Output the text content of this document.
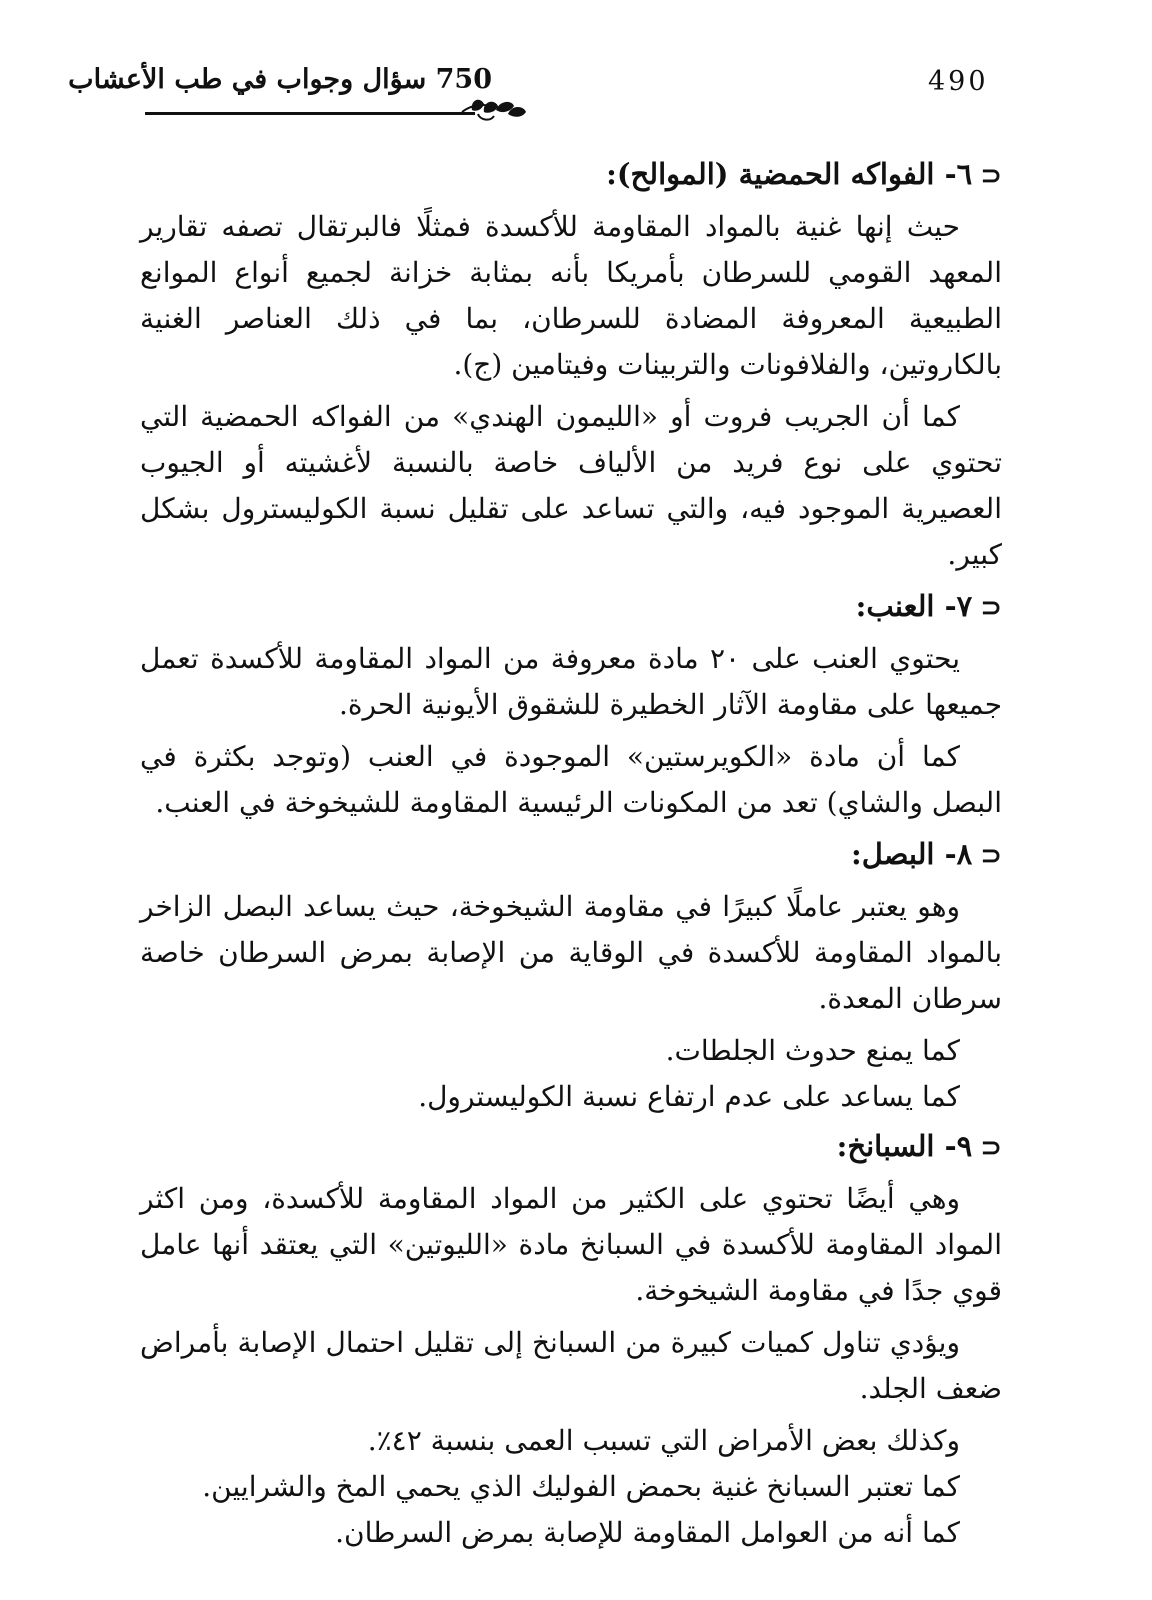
490
750 سؤال وجواب في طب الأعشاب
⊂٦- الفواكه الحمضية (الموالح):

حيث إنها غنية بالمواد المقاومة للأكسدة فمثلًا فالبرتقال تصفه تقارير المعهد القومي للسرطان بأمريكا بأنه بمثابة خزانة لجميع أنواع الموانع الطبيعية المعروفة المضادة للسرطان، بما في ذلك العناصر الغنية بالكاروتين، والفلافونات والتربينات وفيتامين (ج).

كما أن الجريب فروت أو «الليمون الهندي» من الفواكه الحمضية التي تحتوي على نوع فريد من الألياف خاصة بالنسبة لأغشيته أو الجيوب العصيرية الموجود فيه، والتي تساعد على تقليل نسبة الكوليسترول بشكل كبير.

⊂٧- العنب:

يحتوي العنب على ٢٠ مادة معروفة من المواد المقاومة للأكسدة تعمل جميعها على مقاومة الآثار الخطيرة للشقوق الأيونية الحرة.

كما أن مادة «الكويرستين» الموجودة في العنب (وتوجد بكثرة في البصل والشاي) تعد من المكونات الرئيسية المقاومة للشيخوخة في العنب.

⊂٨- البصل:

وهو يعتبر عاملًا كبيرًا في مقاومة الشيخوخة، حيث يساعد البصل الزاخر بالمواد المقاومة للأكسدة في الوقاية من الإصابة بمرض السرطان خاصة سرطان المعدة.

كما يمنع حدوث الجلطات.

كما يساعد على عدم ارتفاع نسبة الكوليسترول.

⊂٩- السبانخ:

وهي أيضًا تحتوي على الكثير من المواد المقاومة للأكسدة، ومن اكثر المواد المقاومة للأكسدة في السبانخ مادة «الليوتين» التي يعتقد أنها عامل قوي جدًا في مقاومة الشيخوخة.

ويؤدي تناول كميات كبيرة من السبانخ إلى تقليل احتمال الإصابة بأمراض ضعف الجلد.

وكذلك بعض الأمراض التي تسبب العمى بنسبة ٤٢٪.

كما تعتبر السبانخ غنية بحمض الفوليك الذي يحمي المخ والشرايين.

كما أنه من العوامل المقاومة للإصابة بمرض السرطان.
